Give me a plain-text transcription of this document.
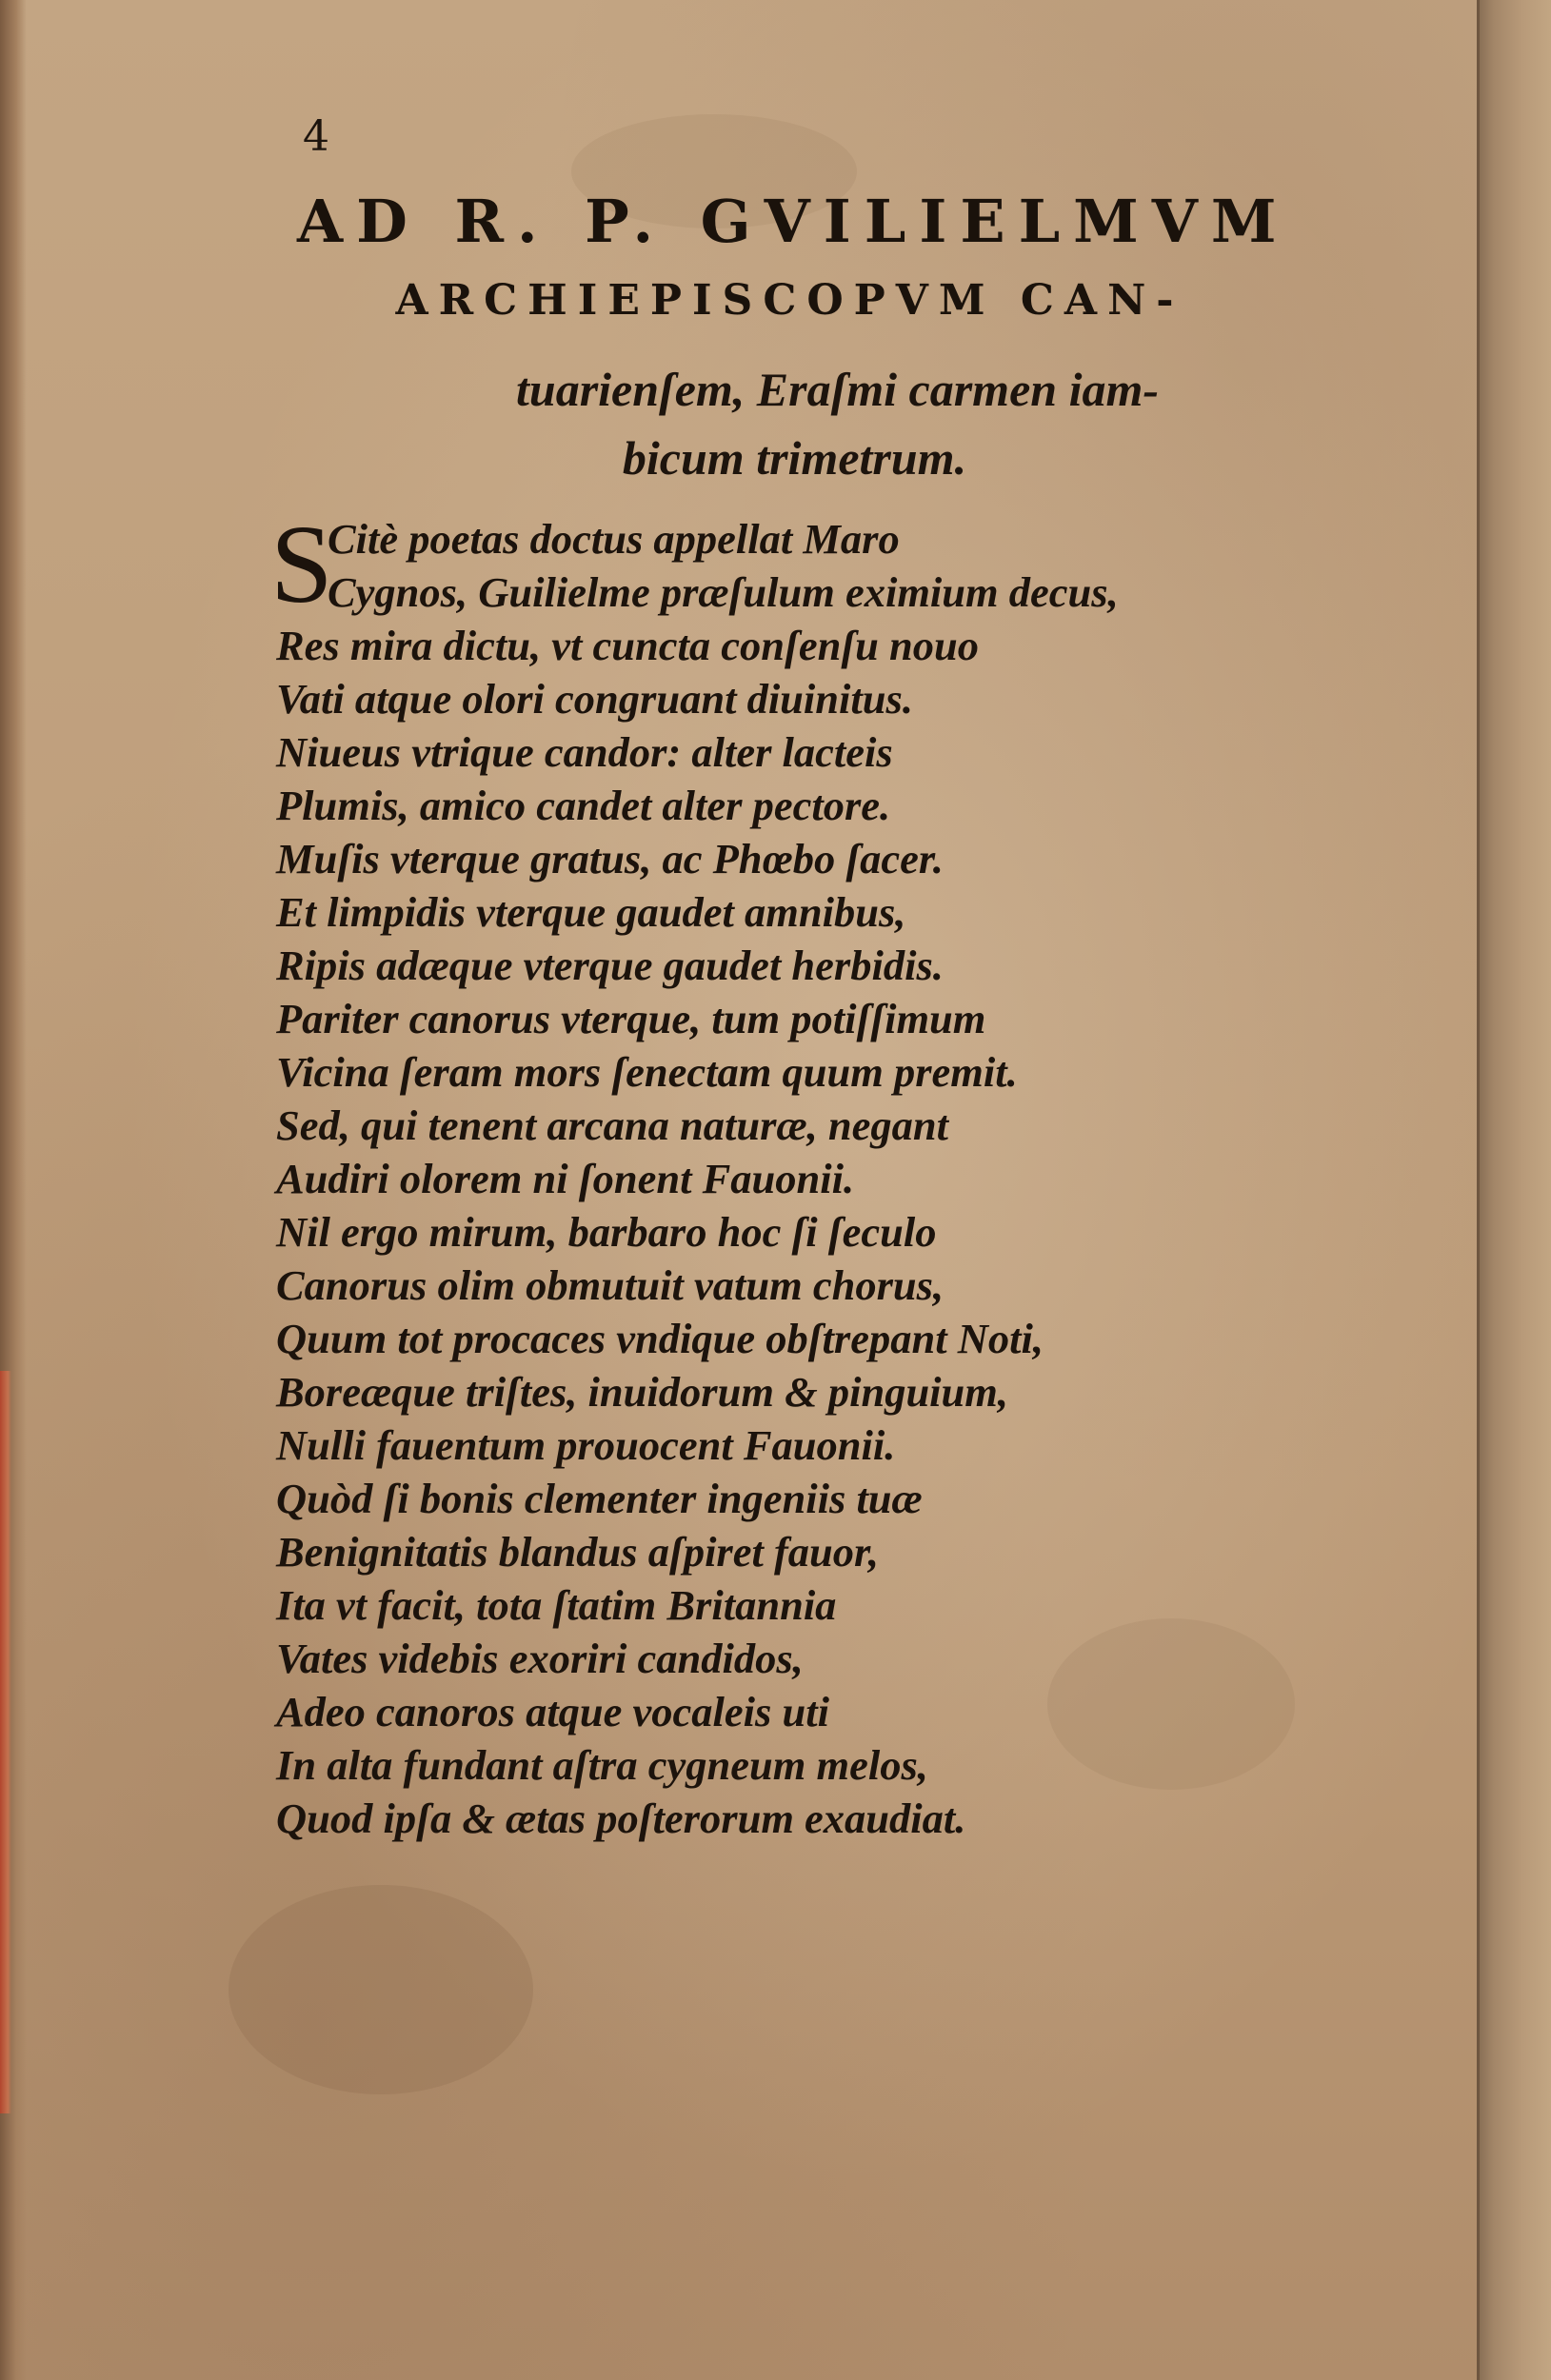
4

AD R. P. GVILIELMVM
ARCHIEPISCOPVM CAN-

tuarienſem, Eraſmi carmen iam-

bicum trimetrum.

S
Citè poetas doctus appellat Maro
Cygnos, Guilielme præſulum eximium decus,
Res mira dictu, vt cuncta conſenſu nouo
Vati atque olori congruant diuinitus.
Niueus vtrique candor: alter lacteis
Plumis, amico candet alter pectore.
Muſis vterque gratus, ac Phœbo ſacer.
Et limpidis vterque gaudet amnibus,
Ripis adæque vterque gaudet herbidis.
Pariter canorus vterque, tum potiſſimum
Vicina ſeram mors ſenectam quum premit.
Sed, qui tenent arcana naturæ, negant
Audiri olorem ni ſonent Fauonii.
Nil ergo mirum, barbaro hoc ſi ſeculo
Canorus olim obmutuit vatum chorus,
Quum tot procaces vndique obſtrepant Noti,
Boreæque triſtes, inuidorum & pinguium,
Nulli fauentum prouocent Fauonii.
Quòd ſi bonis clementer ingeniis tuæ
Benignitatis blandus aſpiret fauor,
Ita vt facit, tota ſtatim Britannia
Vates videbis exoriri candidos,
Adeo canoros atque vocaleis uti
In alta fundant aſtra cygneum melos,
Quod ipſa & ætas poſterorum exaudiat.
